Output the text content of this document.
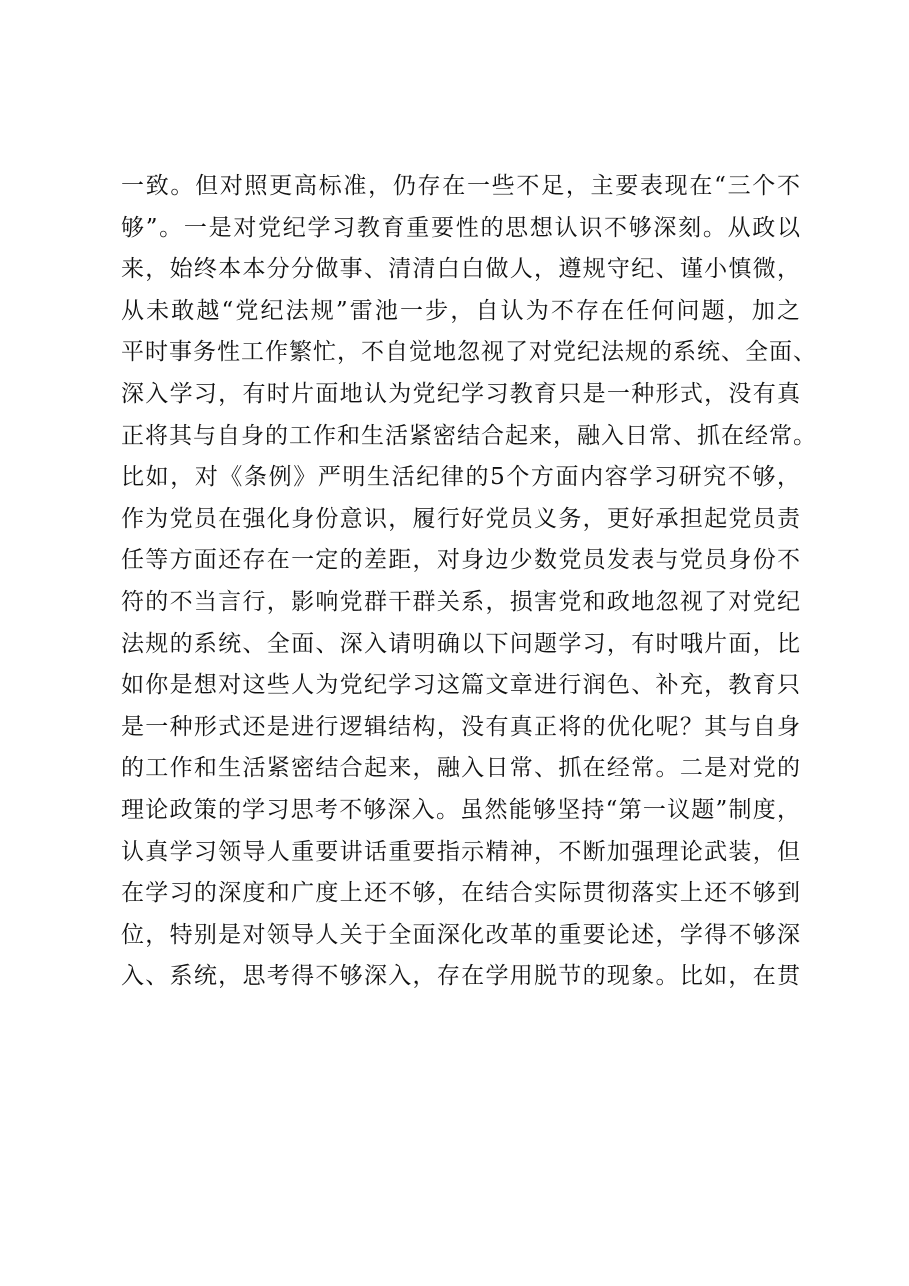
一致。但对照更高标准，仍存在一些不足，主要表现在“三个不
够”。一是对党纪学习教育重要性的思想认识不够深刻。从政以
来，始终本本分分做事、清清白白做人，遵规守纪、谨小慎微，
从未敢越“党纪法规”雷池一步，自认为不存在任何问题，加之
平时事务性工作繁忙，不自觉地忽视了对党纪法规的系统、全面、
深入学习，有时片面地认为党纪学习教育只是一种形式，没有真
正将其与自身的工作和生活紧密结合起来，融入日常、抓在经常。
比如，对《条例》严明生活纪律的5个方面内容学习研究不够，
作为党员在强化身份意识，履行好党员义务，更好承担起党员责
任等方面还存在一定的差距，对身边少数党员发表与党员身份不
符的不当言行，影响党群干群关系，损害党和政地忽视了对党纪
法规的系统、全面、深入请明确以下问题学习，有时哦片面，比
如你是想对这些人为党纪学习这篇文章进行润色、补充，教育只
是一种形式还是进行逻辑结构，没有真正将的优化呢？其与自身
的工作和生活紧密结合起来，融入日常、抓在经常。二是对党的
理论政策的学习思考不够深入。虽然能够坚持“第一议题”制度，
认真学习领导人重要讲话重要指示精神，不断加强理论武装，但
在学习的深度和广度上还不够，在结合实际贯彻落实上还不够到
位，特别是对领导人关于全面深化改革的重要论述，学得不够深
入、系统，思考得不够深入，存在学用脱节的现象。比如，在贯
